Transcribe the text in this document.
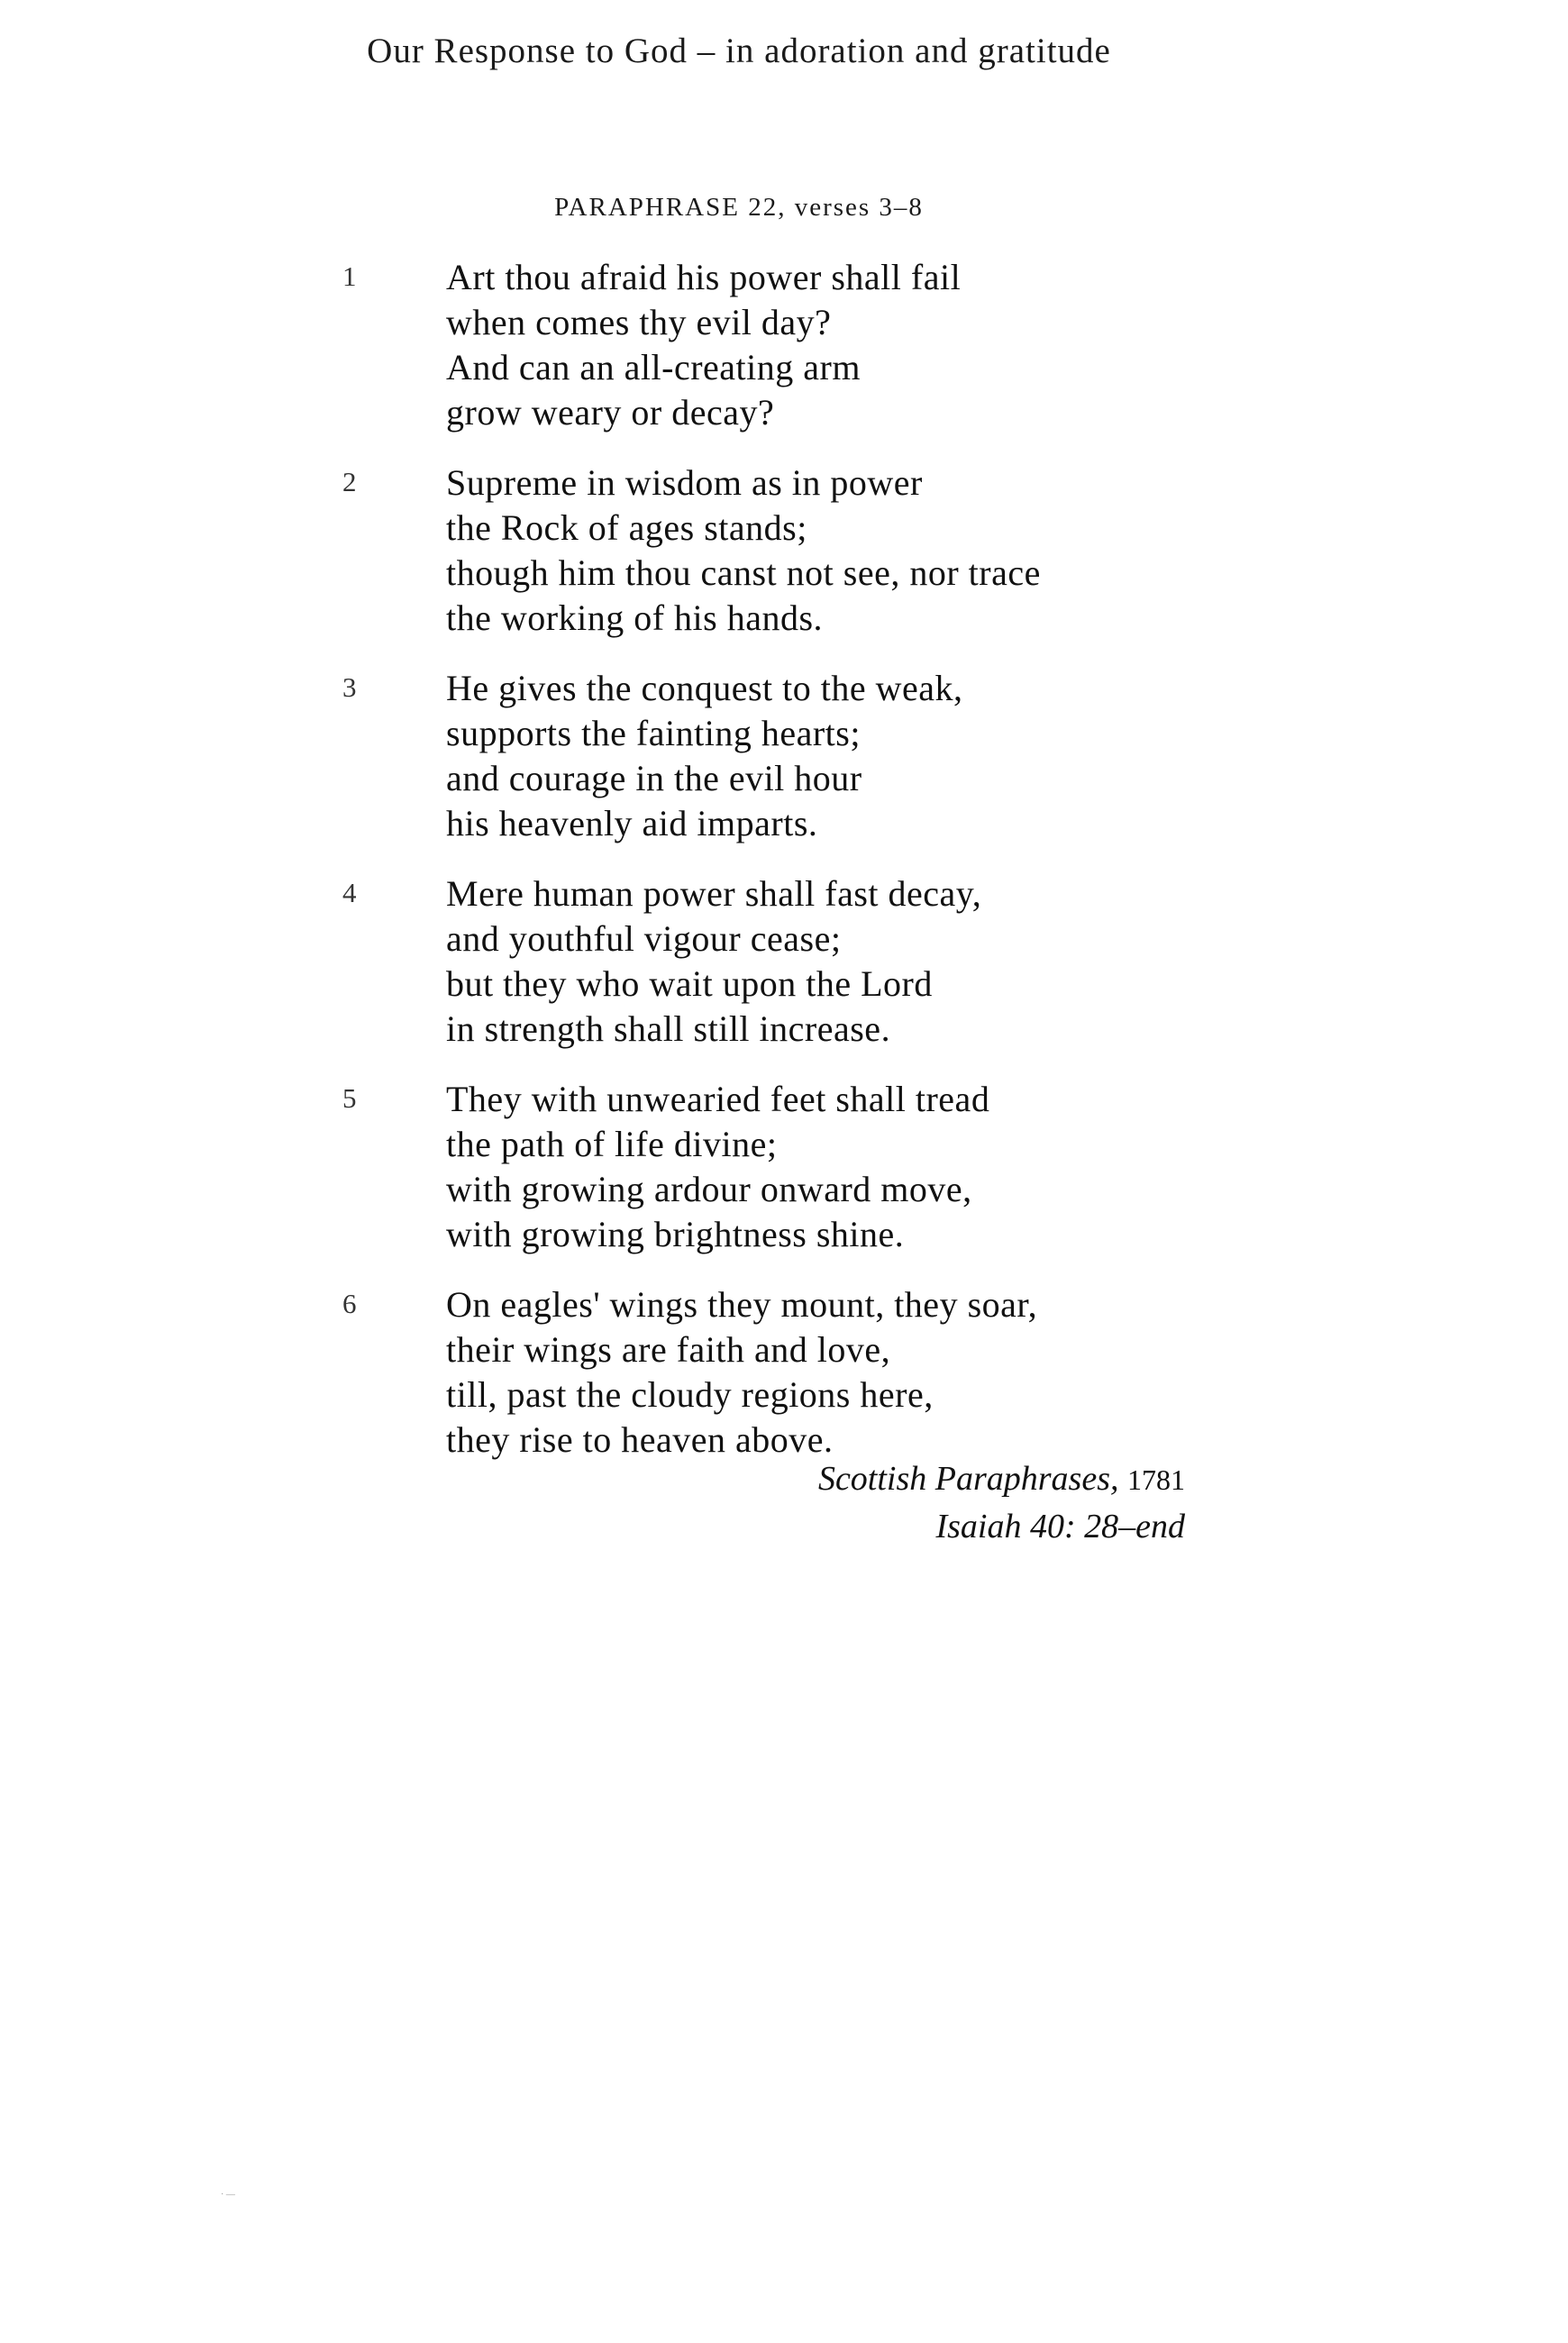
Our Response to God – in adoration and gratitude
PARAPHRASE 22, verses 3–8
1 Art thou afraid his power shall fail
when comes thy evil day?
And can an all-creating arm
grow weary or decay?
2 Supreme in wisdom as in power
the Rock of ages stands;
though him thou canst not see, nor trace
the working of his hands.
3 He gives the conquest to the weak,
supports the fainting hearts;
and courage in the evil hour
his heavenly aid imparts.
4 Mere human power shall fast decay,
and youthful vigour cease;
but they who wait upon the Lord
in strength shall still increase.
5 They with unwearied feet shall tread
the path of life divine;
with growing ardour onward move,
with growing brightness shine.
6 On eagles' wings they mount, they soar,
their wings are faith and love,
till, past the cloudy regions here,
they rise to heaven above.
Scottish Paraphrases, 1781
Isaiah 40: 28–end
· —
